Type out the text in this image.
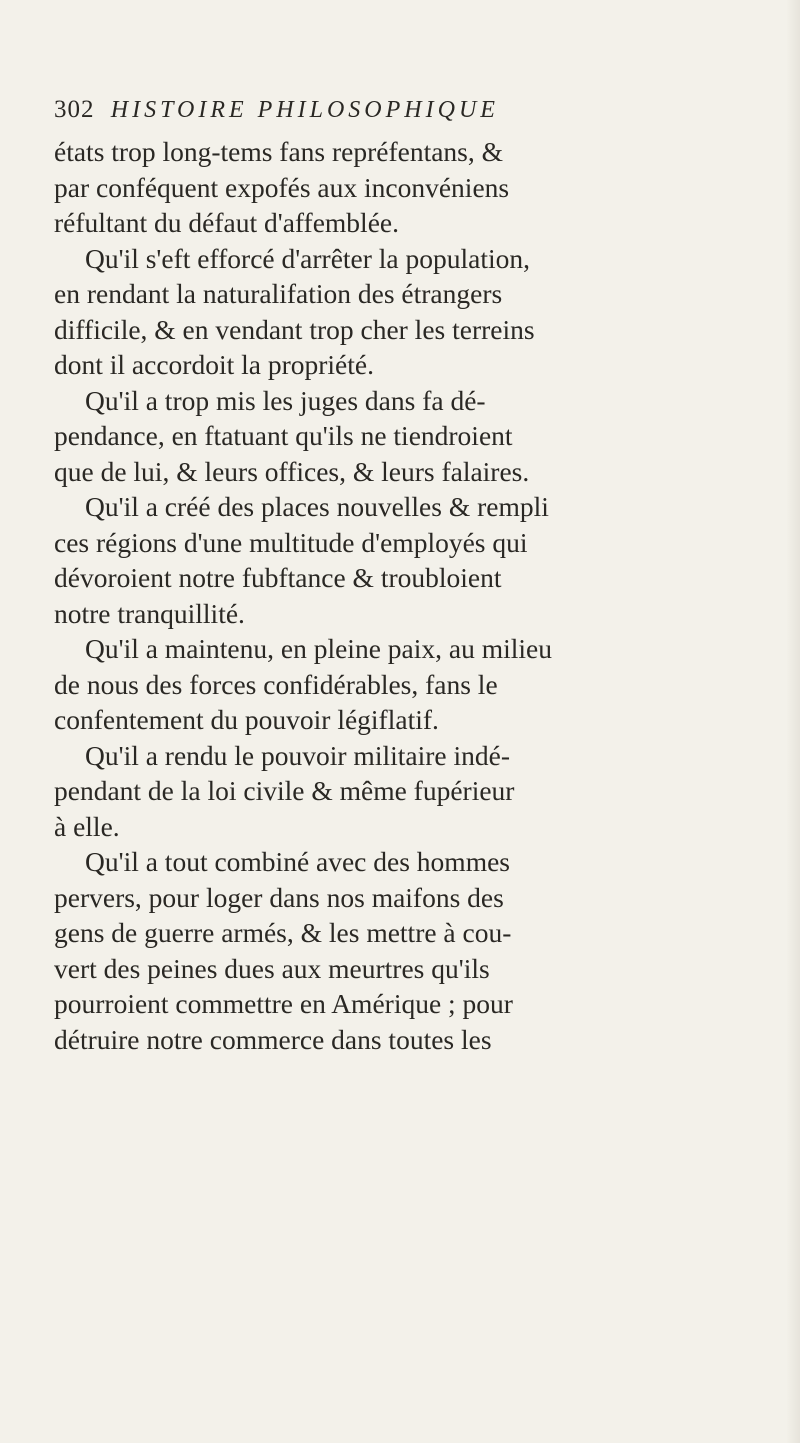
302 HISTOIRE PHILOSOPHIQUE
états trop long-tems fans repréfentans, &
par conféquent expofés aux inconvéniens
réfultant du défaut d'affemblée.
Qu'il s'eft efforcé d'arrêter la population,
en rendant la naturalifation des étrangers
difficile, & en vendant trop cher les terreins
dont il accordoit la propriété.
Qu'il a trop mis les juges dans fa dé-
pendance, en ftatuant qu'ils ne tiendroient
que de lui, & leurs offices, & leurs falaires.
Qu'il a créé des places nouvelles & rempli
ces régions d'une multitude d'employés qui
dévoroient notre fubftance & troubloient
notre tranquillité.
Qu'il a maintenu, en pleine paix, au milieu
de nous des forces confidérables, fans le
confentement du pouvoir légiflatif.
Qu'il a rendu le pouvoir militaire indé-
pendant de la loi civile & même fupérieur
à elle.
Qu'il a tout combiné avec des hommes
pervers, pour loger dans nos maifons des
gens de guerre armés, & les mettre à cou-
vert des peines dues aux meurtres qu'ils
pourroient commettre en Amérique ; pour
détruire notre commerce dans toutes les
